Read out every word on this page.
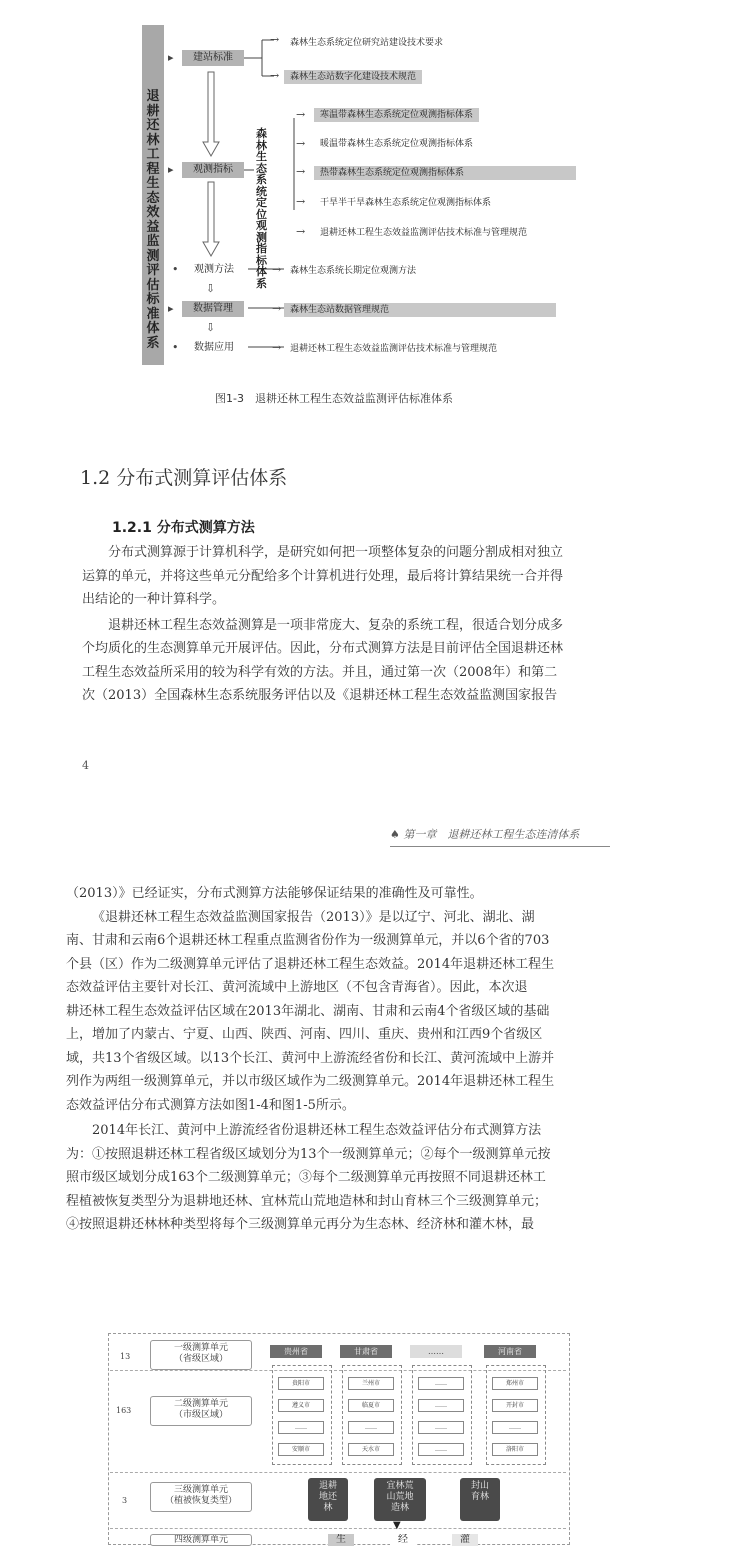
退耕还林工程生态效益监测评估标准体系
建站标准
观测指标
观测方法
数据管理
数据应用
▸
▸
•
▸
•
⇩
⇩
→
→
森林生态系统定位研究站建设技术要求
森林生态站数字化建设技术规范
森林生态系统定位观测指标体系
→
→
→
→
→
寒温带森林生态系统定位观测指标体系
暖温带森林生态系统定位观测指标体系
热带森林生态系统定位观测指标体系
干旱半干旱森林生态系统定位观测指标体系
退耕还林工程生态效益监测评估技术标准与管理规范
→ 森林生态系统长期定位观测方法
→ 森林生态站数据管理规范
→ 退耕还林工程生态效益监测评估技术标准与管理规范
图1-3　退耕还林工程生态效益监测评估标准体系
1.2 分布式测算评估体系
1.2.1 分布式测算方法
分布式测算源于计算机科学，是研究如何把一项整体复杂的问题分割成相对独立
运算的单元，并将这些单元分配给多个计算机进行处理，最后将计算结果统一合并得
出结论的一种计算科学。
退耕还林工程生态效益测算是一项非常庞大、复杂的系统工程，很适合划分成多
个均质化的生态测算单元开展评估。因此，分布式测算方法是目前评估全国退耕还林
工程生态效益所采用的较为科学有效的方法。并且，通过第一次（2008年）和第二
次（2013）全国森林生态系统服务评估以及《退耕还林工程生态效益监测国家报告
4
♠ 第一章　退耕还林工程生态连清体系
（2013）》已经证实，分布式测算方法能够保证结果的准确性及可靠性。
《退耕还林工程生态效益监测国家报告（2013）》是以辽宁、河北、湖北、湖
南、甘肃和云南6个退耕还林工程重点监测省份作为一级测算单元，并以6个省的703
个县（区）作为二级测算单元评估了退耕还林工程生态效益。2014年退耕还林工程生
态效益评估主要针对长江、黄河流域中上游地区（不包含青海省）。因此，本次退
耕还林工程生态效益评估区域在2013年湖北、湖南、甘肃和云南4个省级区域的基础
上，增加了内蒙古、宁夏、山西、陕西、河南、四川、重庆、贵州和江西9个省级区
域，共13个省级区域。以13个长江、黄河中上游流经省份和长江、黄河流域中上游并
列作为两组一级测算单元，并以市级区域作为二级测算单元。2014年退耕还林工程生
态效益评估分布式测算方法如图1-4和图1-5所示。
2014年长江、黄河中上游流经省份退耕还林工程生态效益评估分布式测算方法
为：①按照退耕还林工程省级区域划分为13个一级测算单元；②每个一级测算单元按
照市级区域划分成163个二级测算单元；③每个二级测算单元再按照不同退耕还林工
程植被恢复类型分为退耕地还林、宜林荒山荒地造林和封山育林三个三级测算单元；
④按照退耕还林林种类型将每个三级测算单元再分为生态林、经济林和灌木林，最
13
163
3
一级测算单元
（省级区域）
二级测算单元
（市级区域）
三级测算单元
（植被恢复类型）
四级测算单元
贵州省	甘肃省	……	河南省
贵阳市
遵义市
……
安顺市
兰州市
临夏市
……
天水市
……
……
……
……
郑州市
开封市
……
洛阳市
退耕
地还
林
宜林荒
山荒地
造林
封山
育林
▼
生	经	灌
